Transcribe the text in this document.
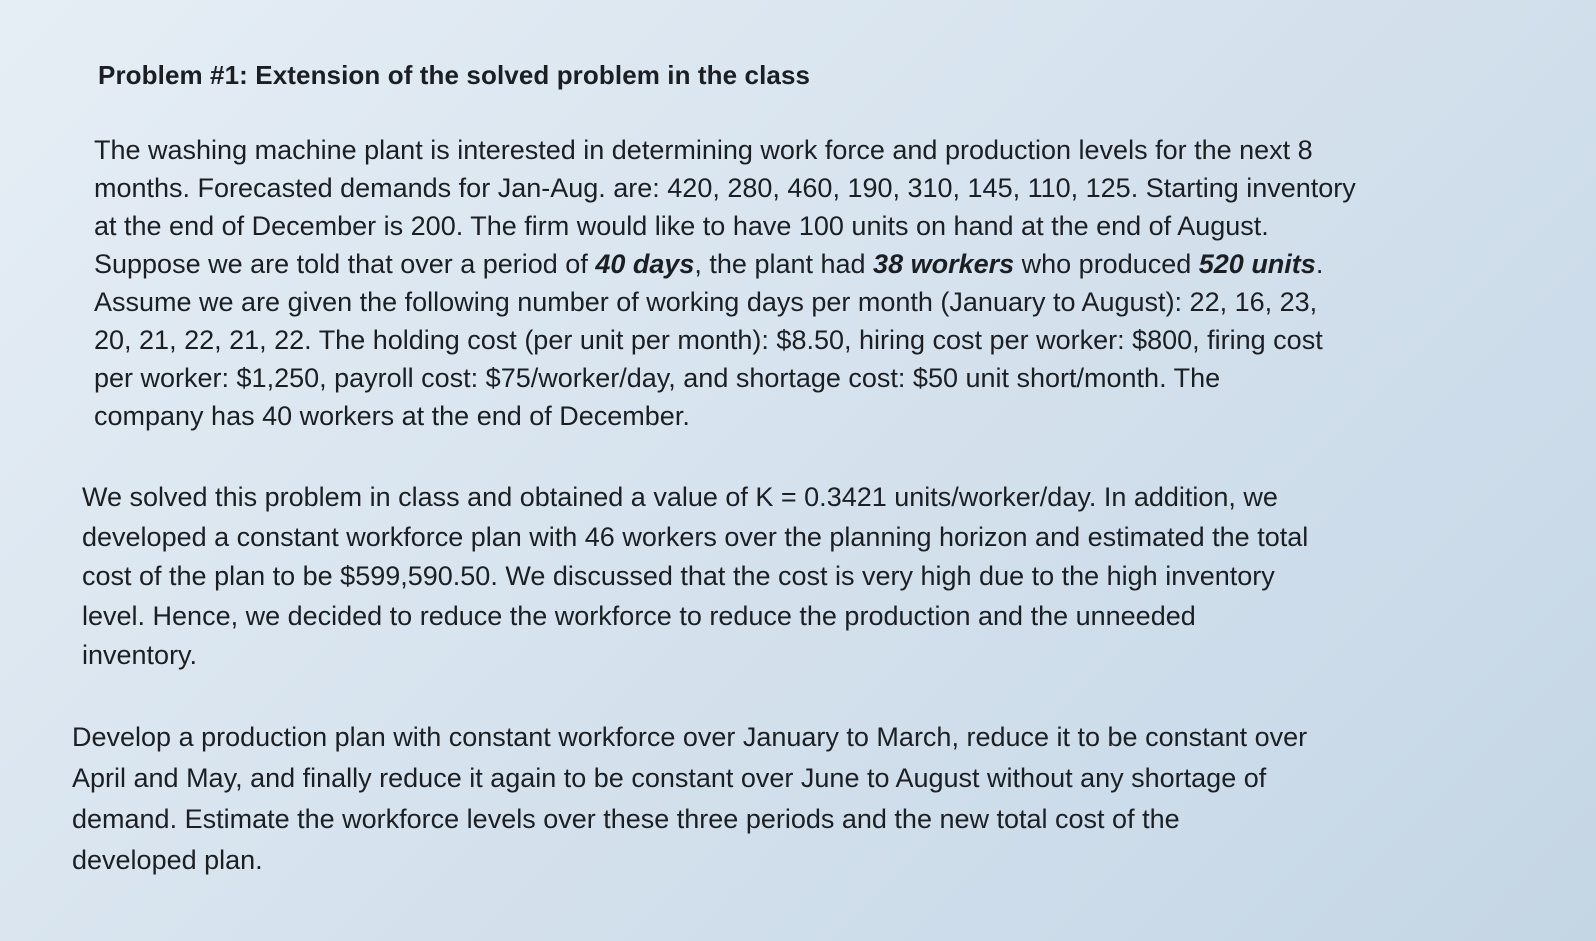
Problem #1: Extension of the solved problem in the class

The washing machine plant is interested in determining work force and production levels for the next 8
months. Forecasted demands for Jan-Aug. are: 420, 280, 460, 190, 310, 145, 110, 125. Starting inventory
at the end of December is 200. The firm would like to have 100 units on hand at the end of August.
Suppose we are told that over a period of 40 days, the plant had 38 workers who produced 520 units.
Assume we are given the following number of working days per month (January to August): 22, 16, 23,
20, 21, 22, 21, 22. The holding cost (per unit per month): $8.50, hiring cost per worker: $800, firing cost
per worker: $1,250, payroll cost: $75/worker/day, and shortage cost: $50 unit short/month. The
company has 40 workers at the end of December.

We solved this problem in class and obtained a value of K = 0.3421 units/worker/day. In addition, we
developed a constant workforce plan with 46 workers over the planning horizon and estimated the total
cost of the plan to be $599,590.50. We discussed that the cost is very high due to the high inventory
level. Hence, we decided to reduce the workforce to reduce the production and the unneeded
inventory.

Develop a production plan with constant workforce over January to March, reduce it to be constant over
April and May, and finally reduce it again to be constant over June to August without any shortage of
demand. Estimate the workforce levels over these three periods and the new total cost of the
developed plan.
